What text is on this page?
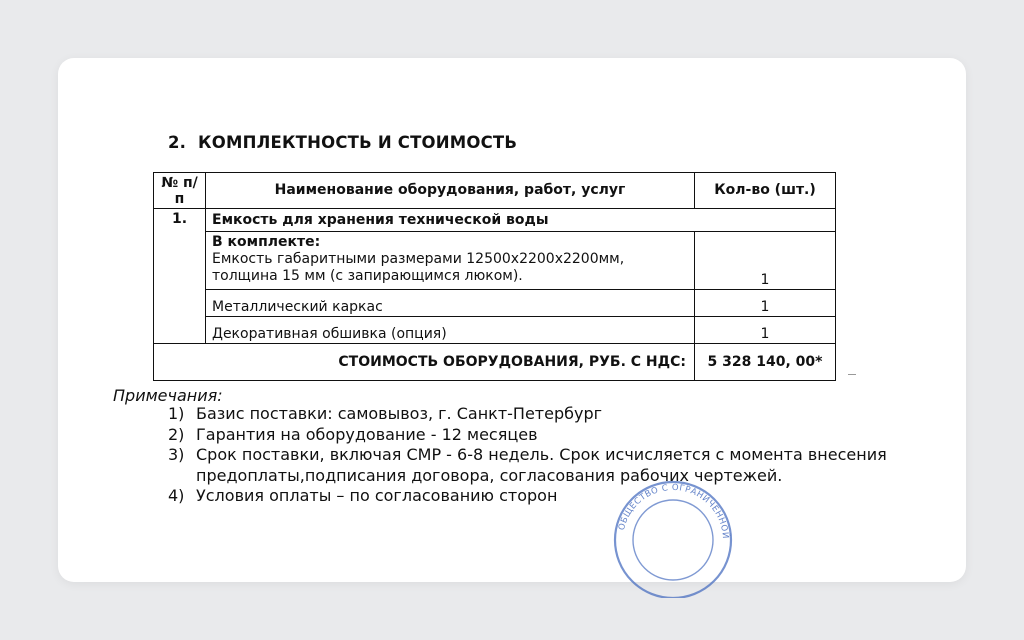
2. КОМПЛЕКТНОСТЬ И СТОИМОСТЬ
№ п/п	Наименование оборудования, работ, услуг	Кол-во (шт.)
1.	Емкость для хранения технической воды	

	В комплекте:
Емкость габаритными размерами 12500х2200х2200мм,
толщина 15 мм (с запирающимся люком).	1
	Металлический каркас	1
	Декоративная обшивка (опция)	1
СТОИМОСТЬ ОБОРУДОВАНИЯ, РУБ. С НДС:		5 328 140, 00*
Примечания:
1) Базис поставки: самовывоз, г. Санкт-Петербург
2) Гарантия на оборудование - 12 месяцев
3) Срок поставки, включая СМР - 6-8 недель. Срок исчисляется с момента внесения предоплаты,подписания договора, согласования рабочих чертежей.
4) Условия оплаты – по согласованию сторон
ОБЩЕСТВО С ОГРАНИЧЕННОЙ
